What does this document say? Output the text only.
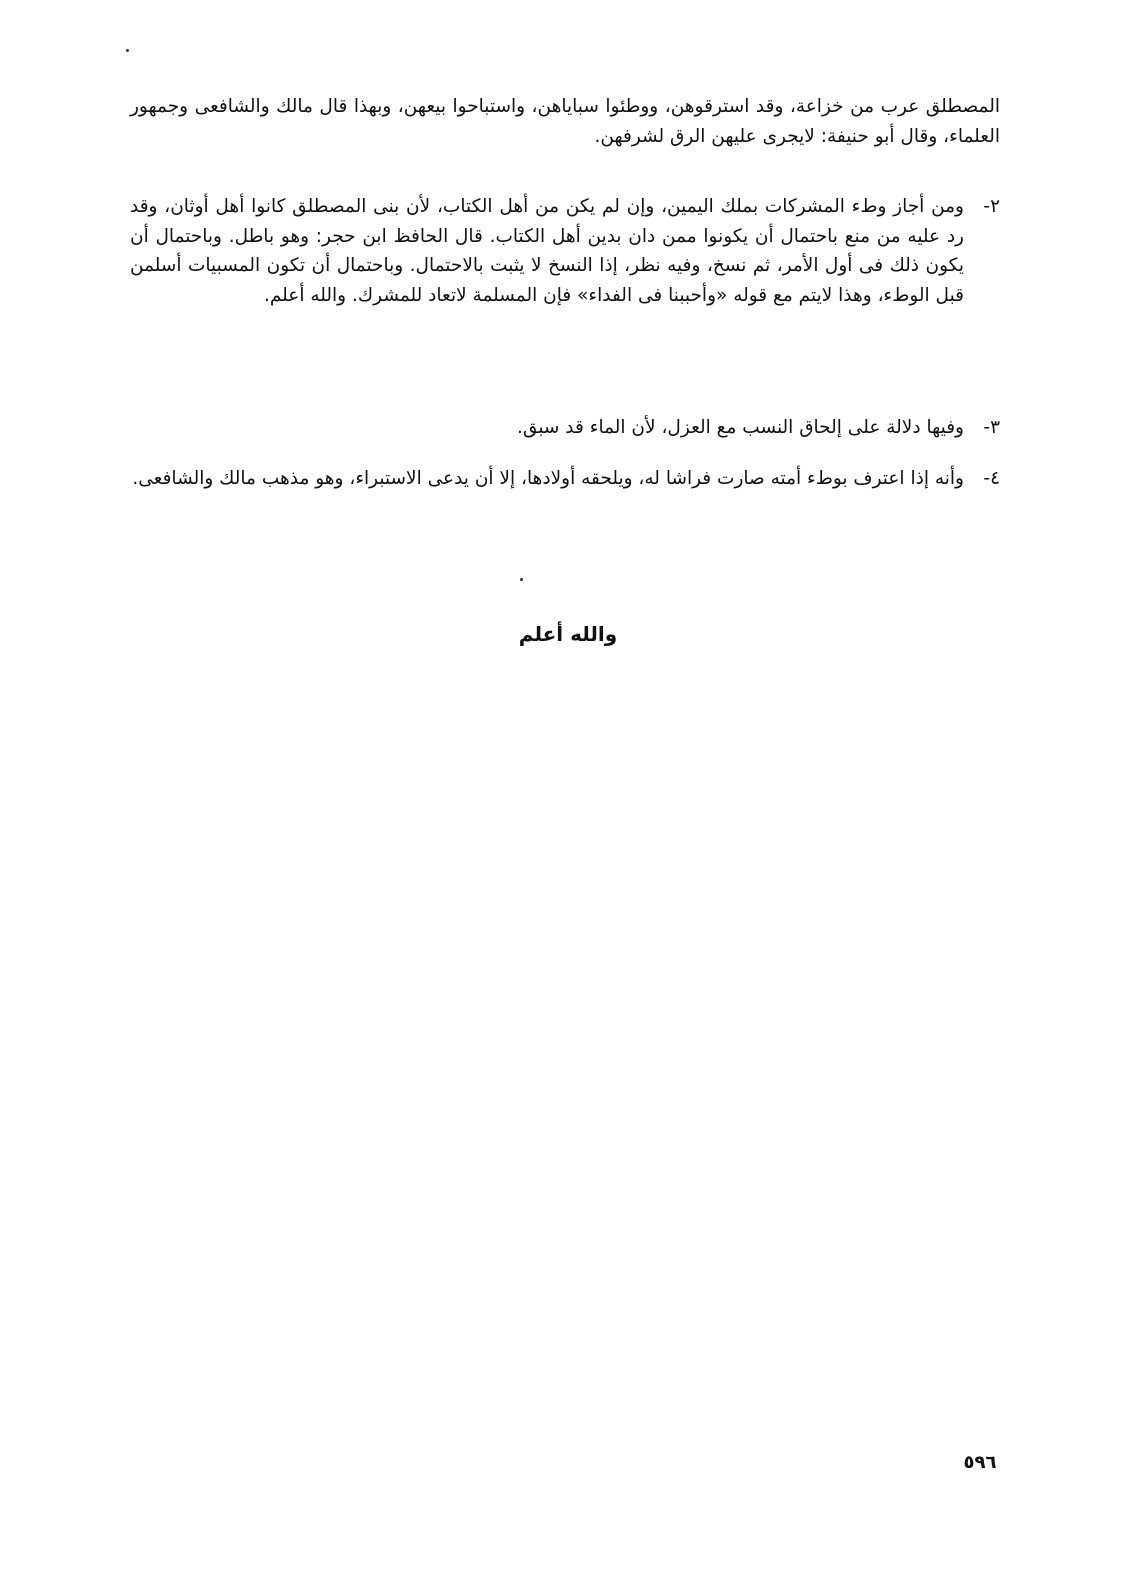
المصطلق عرب من خزاعة، وقد استرقوهن، ووطئوا سباياهن، واستباحوا بيعهن، وبهذا قال مالك والشافعى وجمهور العلماء، وقال أبو حنيفة: لايجرى عليهن الرق لشرفهن.

٢-
ومن أجاز وطء المشركات بملك اليمين، وإن لم يكن من أهل الكتاب، لأن بنى المصطلق كانوا أهل أوثان، وقد رد عليه من منع باحتمال أن يكونوا ممن دان بدين أهل الكتاب. قال الحافظ ابن حجر: وهو باطل. وباحتمال أن يكون ذلك فى أول الأمر، ثم نسخ، وفيه نظر، إذا النسخ لا يثبت بالاحتمال. وباحتمال أن تكون المسبيات أسلمن قبل الوطء، وهذا لايتم مع قوله «وأحببنا فى الفداء» فإن المسلمة لاتعاد للمشرك. والله أعلم.
٣-
وفيها دلالة على إلحاق النسب مع العزل، لأن الماء قد سبق.
٤-
وأنه إذا اعترف بوطء أمته صارت فراشا له، ويلحقه أولادها، إلا أن يدعى الاستبراء، وهو مذهب مالك والشافعى.
والله أعلم
٥٩٦
